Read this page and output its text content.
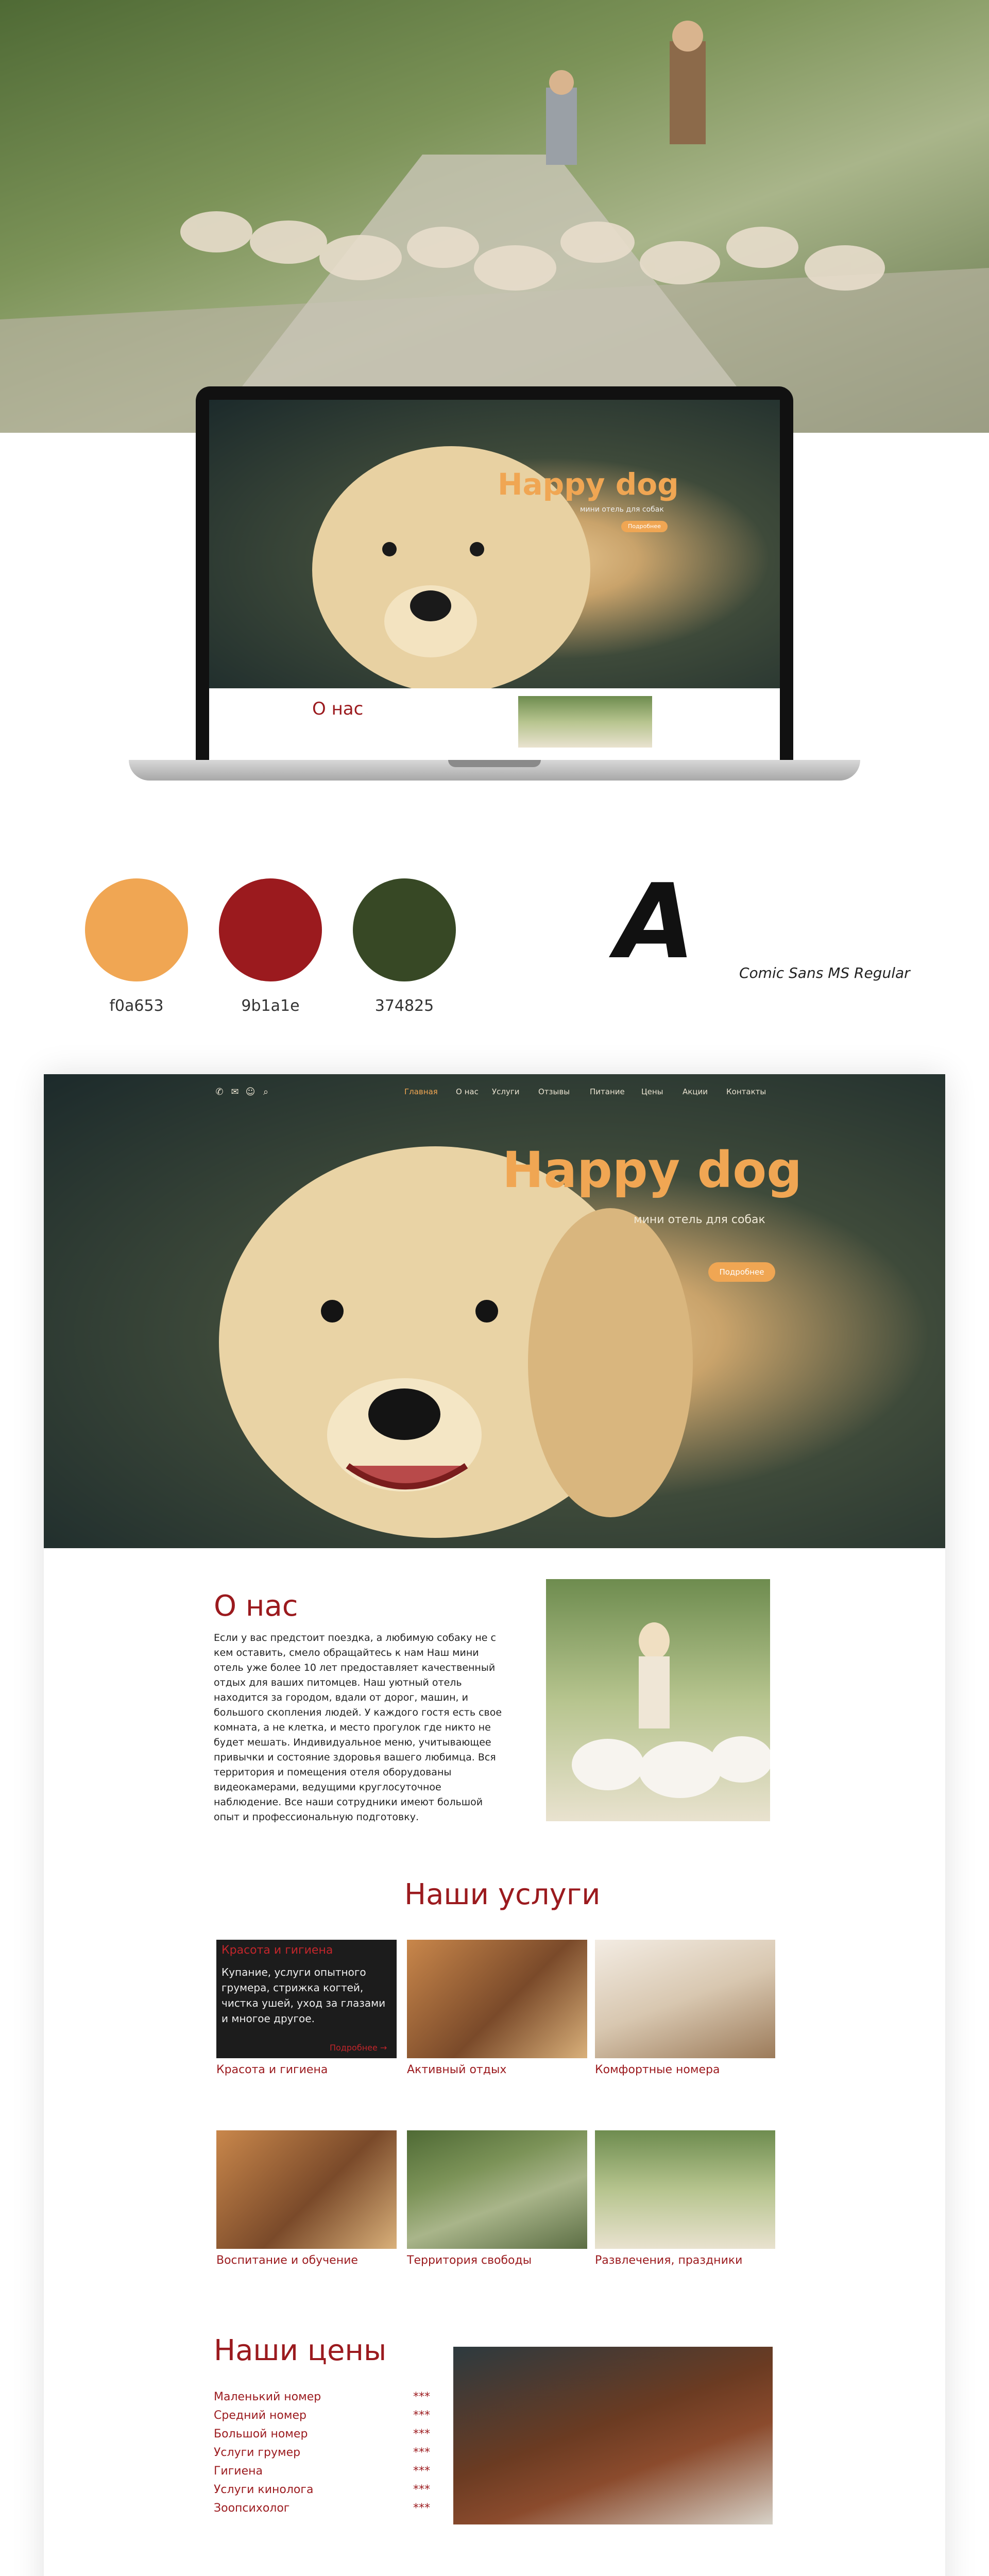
Happy dog
мини отель для собак
Подробнее
О нас
f0a653	9b1a1e	374825
A	Comic Sans MS Regular
✆ ✉ ☺ ⌕	Главная О нас Услуги Отзывы	Питание Цены Акции Контакты
Happy dog
мини отель для собак
Подробнее
О нас
Если у вас предстоит поездка, а любимую собаку не с кем оставить, смело обращайтесь к нам Наш мини отель уже более 10 лет предоставляет качественный отдых для ваших питомцев. Наш уютный отель находится за городом, вдали от дорог, машин, и большого скопления людей. У каждого гостя есть свое комната, а не клетка, и место прогулок где никто не будет мешать. Индивидуальное меню, учитывающее привычки и состояние здоровья вашего любимца. Вся территория и помещения отеля оборудованы видеокамерами, ведущими круглосуточное наблюдение. Все наши сотрудники имеют большой опыт и профессиональную подготовку.
Наши услуги
Красота и гигиена
Купание, услуги опытного грумера, стрижка когтей, чистка ушей, уход за глазами и многое другое.
Подробнее →
Красота и гигиена	Активный отдых	Комфортные номера
Воспитание и обучение	Территория свободы	Развлечения, праздники
Наши цены
Маленький номер	***
Средний номер	***
Большой номер	***
Услуги грумер	***
Гигиена	***
Услуги кинолога	***
Зоопсихолог	***
